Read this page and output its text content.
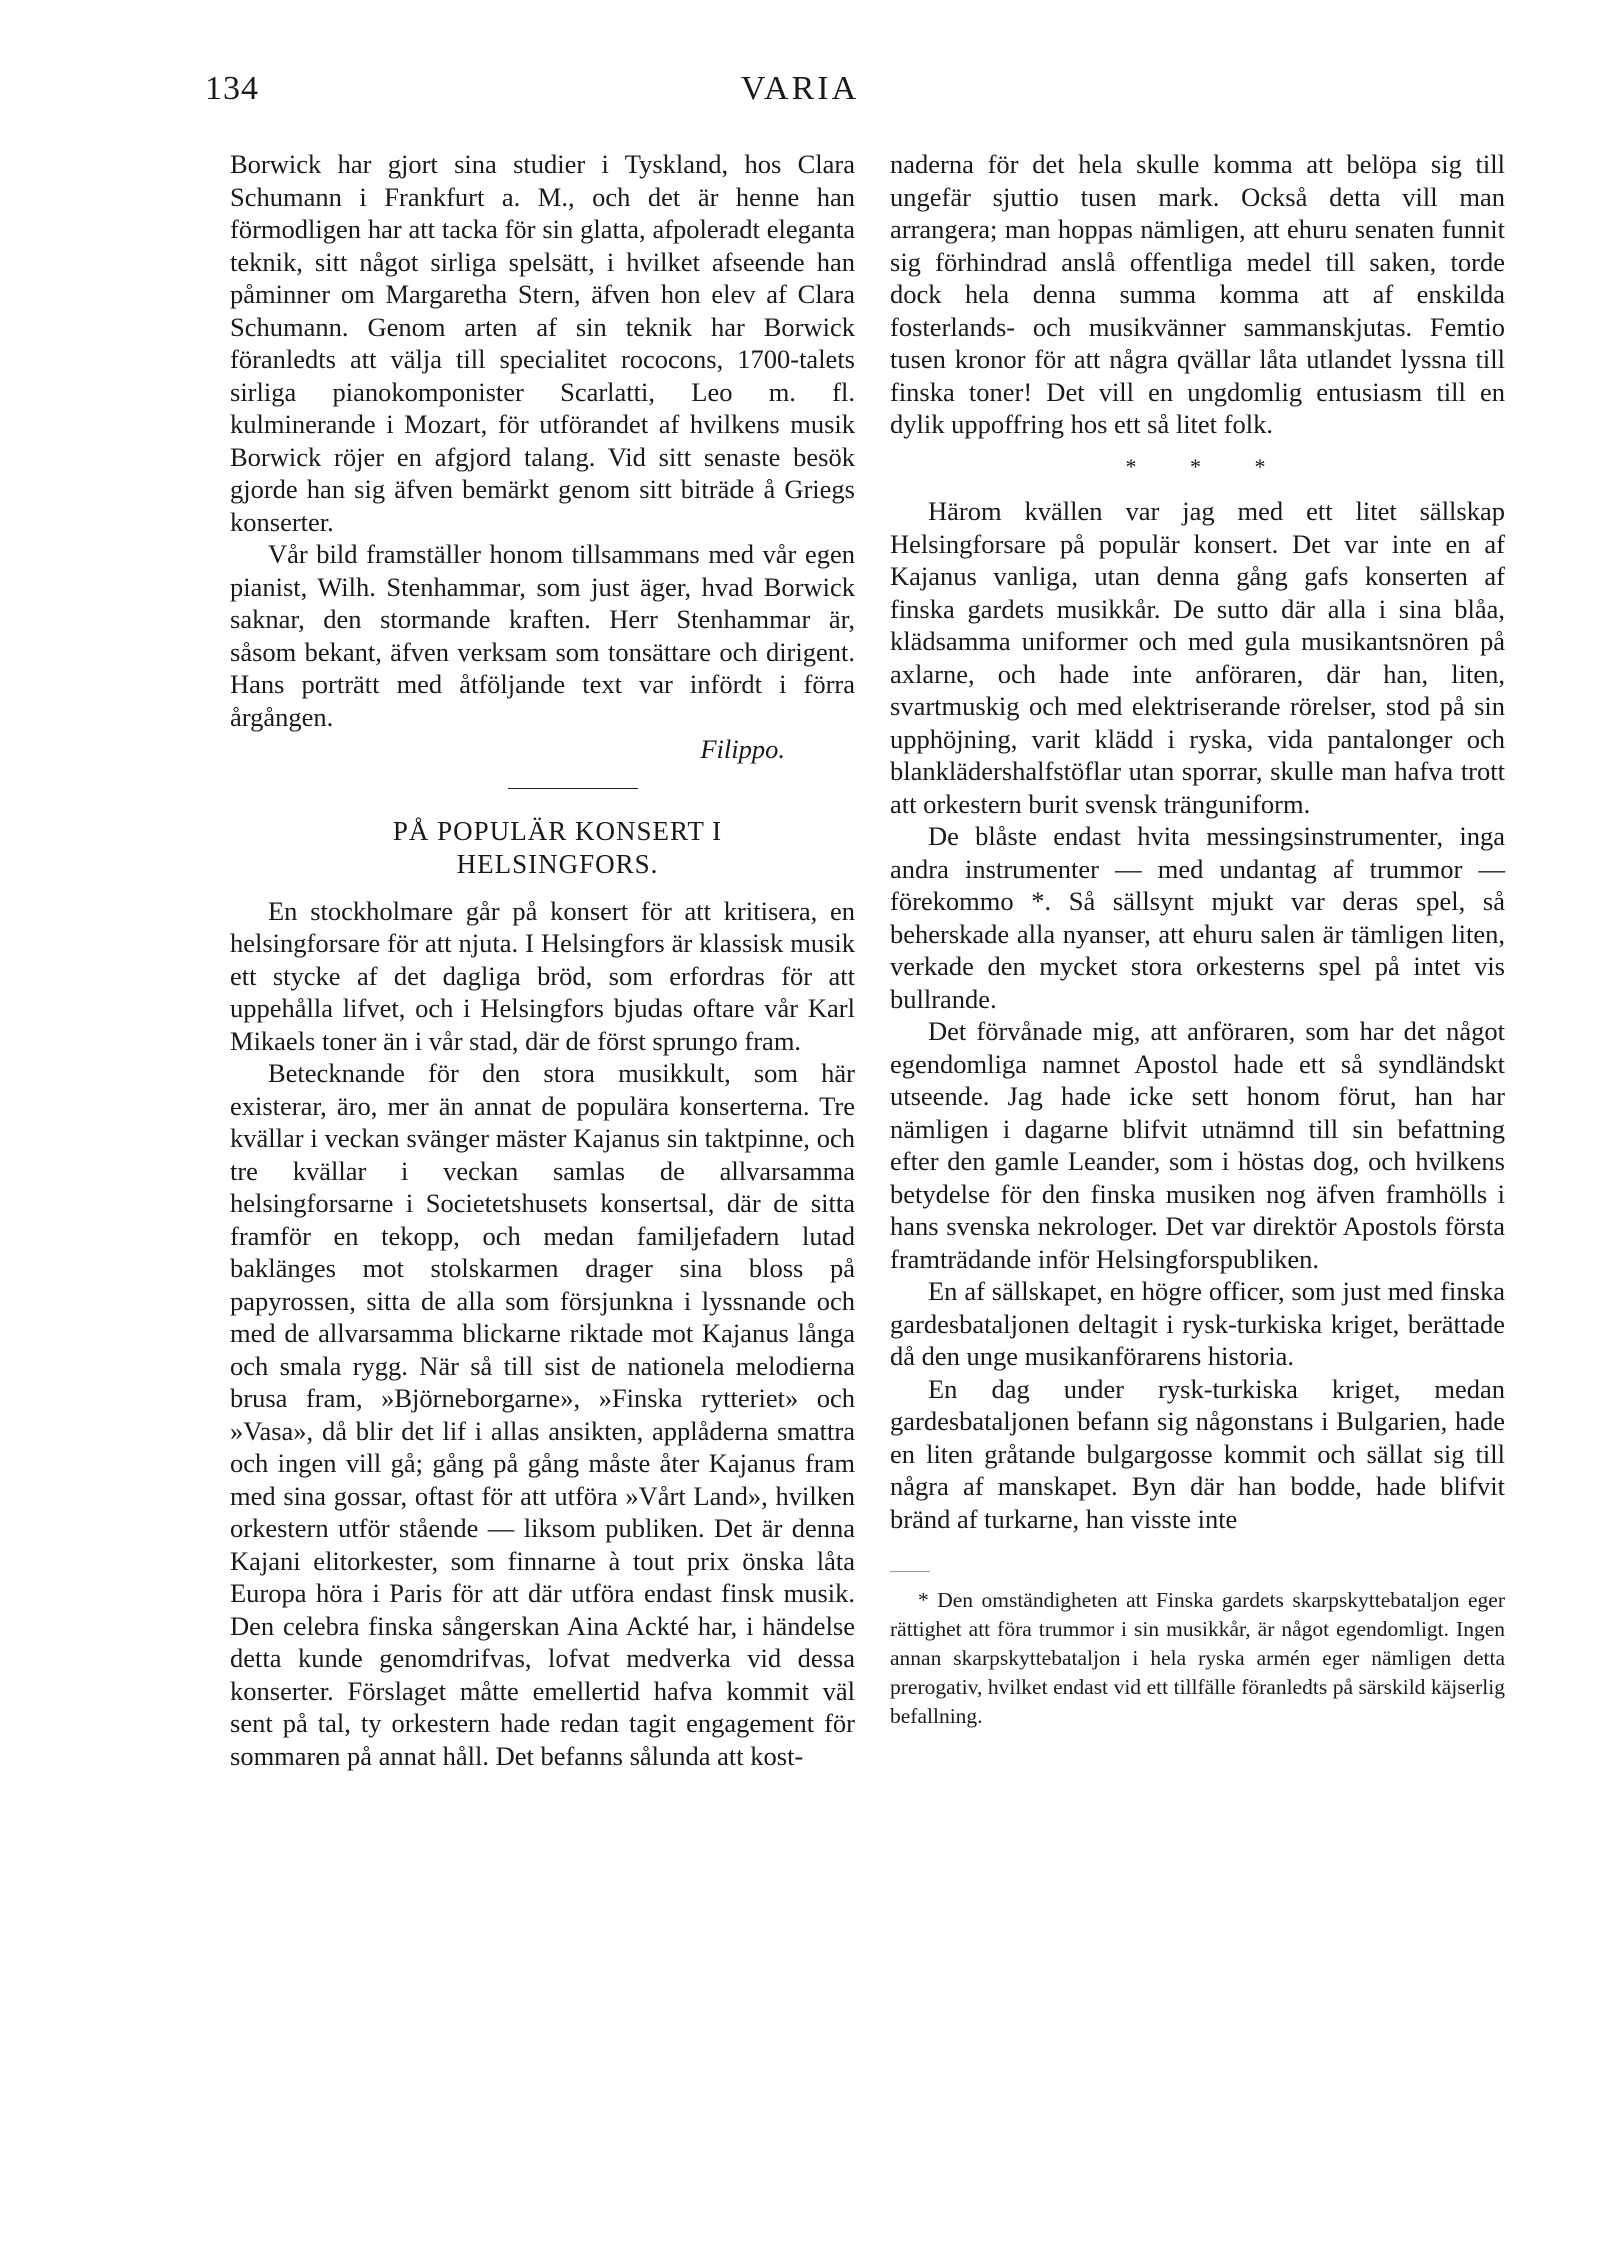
134	VARIA

Borwick har gjort sina studier i Tyskland, hos Clara Schumann i Frankfurt a. M., och det är henne han förmodligen har att tacka för sin glatta, afpoleradt eleganta teknik, sitt något sirliga spelsätt, i hvilket afseende han påminner om Margaretha Stern, äfven hon elev af Clara Schumann. Genom arten af sin teknik har Borwick föranledts att välja till specialitet rococons, 1700-talets sirliga pianokomponister Scarlatti, Leo m. fl. kulminerande i Mozart, för utförandet af hvilkens musik Borwick röjer en afgjord talang. Vid sitt senaste besök gjorde han sig äfven bemärkt genom sitt biträde å Griegs konserter.

Vår bild framställer honom tillsammans med vår egen pianist, Wilh. Stenhammar, som just äger, hvad Borwick saknar, den stormande kraften. Herr Stenhammar är, såsom bekant, äfven verksam som tonsättare och dirigent. Hans porträtt med åtföljande text var infördt i förra årgången.

Filippo.

PÅ POPULÄR KONSERT I
HELSINGFORS.

En stockholmare går på konsert för att kritisera, en helsingforsare för att njuta. I Helsingfors är klassisk musik ett stycke af det dagliga bröd, som erfordras för att uppehålla lifvet, och i Helsingfors bjudas oftare vår Karl Mikaels toner än i vår stad, där de först sprungo fram.

Betecknande för den stora musikkult, som här existerar, äro, mer än annat de populära konserterna. Tre kvällar i veckan svänger mäster Kajanus sin taktpinne, och tre kvällar i veckan samlas de allvarsamma helsingforsarne i Societetshusets konsertsal, där de sitta framför en tekopp, och medan familjefadern lutad baklänges mot stolskarmen drager sina bloss på papyrossen, sitta de alla som försjunkna i lyssnande och med de allvarsamma blickarne riktade mot Kajanus långa och smala rygg. När så till sist de nationela melodierna brusa fram, »Björneborgarne», »Finska rytteriet» och »Vasa», då blir det lif i allas ansikten, applåderna smattra och ingen vill gå; gång på gång måste åter Kajanus fram med sina gossar, oftast för att utföra »Vårt Land», hvilken orkestern utför stående — liksom publiken. Det är denna Kajani elitorkester, som finnarne à tout prix önska låta Europa höra i Paris för att där utföra endast finsk musik. Den celebra finska sångerskan Aina Ackté har, i händelse detta kunde genomdrifvas, lofvat medverka vid dessa konserter. Förslaget måtte emellertid hafva kommit väl sent på tal, ty orkestern hade redan tagit engagement för sommaren på annat håll. Det befanns sålunda att kost-

naderna för det hela skulle komma att belöpa sig till ungefär sjuttio tusen mark. Också detta vill man arrangera; man hoppas nämligen, att ehuru senaten funnit sig förhindrad anslå offentliga medel till saken, torde dock hela denna summa komma att af enskilda fosterlands- och musikvänner sammanskjutas. Femtio tusen kronor för att några qvällar låta utlandet lyssna till finska toner! Det vill en ungdomlig entusiasm till en dylik uppoffring hos ett så litet folk.

* * *

Härom kvällen var jag med ett litet sällskap Helsingforsare på populär konsert. Det var inte en af Kajanus vanliga, utan denna gång gafs konserten af finska gardets musikkår. De sutto där alla i sina blåa, klädsamma uniformer och med gula musikantsnören på axlarne, och hade inte anföraren, där han, liten, svartmuskig och med elektriserande rörelser, stod på sin upphöjning, varit klädd i ryska, vida pantalonger och blanklädershalfstöflar utan sporrar, skulle man hafva trott att orkestern burit svensk tränguniform.

De blåste endast hvita messingsinstrumenter, inga andra instrumenter — med undantag af trummor — förekommo *. Så sällsynt mjukt var deras spel, så beherskade alla nyanser, att ehuru salen är tämligen liten, verkade den mycket stora orkesterns spel på intet vis bullrande.

Det förvånade mig, att anföraren, som har det något egendomliga namnet Apostol hade ett så syndländskt utseende. Jag hade icke sett honom förut, han har nämligen i dagarne blifvit utnämnd till sin befattning efter den gamle Leander, som i höstas dog, och hvilkens betydelse för den finska musiken nog äfven framhölls i hans svenska nekrologer. Det var direktör Apostols första framträdande inför Helsingforspubliken.

En af sällskapet, en högre officer, som just med finska gardesbataljonen deltagit i rysk-turkiska kriget, berättade då den unge musikanförarens historia.

En dag under rysk-turkiska kriget, medan gardesbataljonen befann sig någonstans i Bulgarien, hade en liten gråtande bulgargosse kommit och sällat sig till några af manskapet. Byn där han bodde, hade blifvit bränd af turkarne, han visste inte

* Den omständigheten att Finska gardets skarpskyttebataljon eger rättighet att föra trummor i sin musikkår, är något egendomligt. Ingen annan skarpskyttebataljon i hela ryska armén eger nämligen detta prerogativ, hvilket endast vid ett tillfälle föranledts på särskild käjserlig befallning.
